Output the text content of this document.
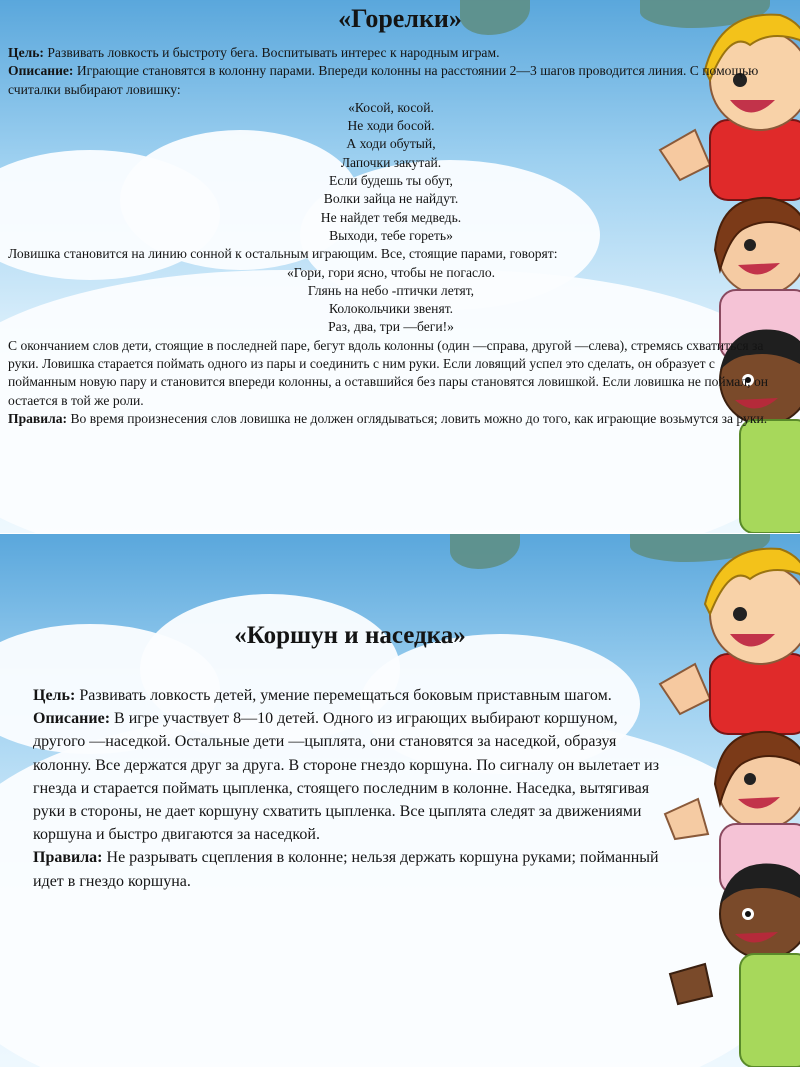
«Горелки»

Цель: Развивать ловкость и быстроту бега. Воспитывать интерес к народным играм.

Описание: Играющие становятся в колонну парами. Впереди колонны на расстоянии 2—3 шагов проводится линия. С помощью считалки выбирают ловишку:

«Косой, косой.

Не ходи босой.

А ходи обутый,

Лапочки закутай.

Если будешь ты обут,

Волки зайца не найдут.

Не найдет тебя медведь.

Выходи, тебе гореть»

Ловишка становится на линию сонной к остальным играющим. Все, стоящие парами, говорят:

«Гори, гори ясно, чтобы не погасло.

Глянь на небо -птички летят,

Колокольчики звенят.

Раз, два, три —беги!»

С окончанием слов дети, стоящие в последней паре, бегут вдоль колонны (один —справа, другой —слева), стремясь схватиться за руки. Ловишка старается поймать одного из пары и соединить с ним руки. Если ловящий успел это сделать, он образует с пойманным новую пару и становится впереди колонны, а оставшийся без пары становятся ловишкой. Если ловишка не поймал, он остается в той же роли.

Правила: Во время произнесения слов ловишка не должен оглядываться; ловить можно до того, как играющие возьмутся за руки.

«Коршун и наседка»

Цель: Развивать ловкость детей, умение перемещаться боковым приставным шагом.

Описание: В игре участвует 8—10 детей. Одного из играющих выбирают коршуном, другого —наседкой. Остальные дети —цыплята, они становятся за наседкой, образуя колонну. Все держатся друг за друга. В стороне гнездо коршуна. По сигналу он вылетает из гнезда и старается поймать цыпленка, стоящего последним в колонне. Наседка, вытягивая руки в стороны, не дает коршуну схватить цыпленка. Все цыплята следят за движениями коршуна и быстро двигаются за наседкой.

Правила: Не разрывать сцепления в колонне; нельзя держать коршуна руками; пойманный идет в гнездо коршуна.
